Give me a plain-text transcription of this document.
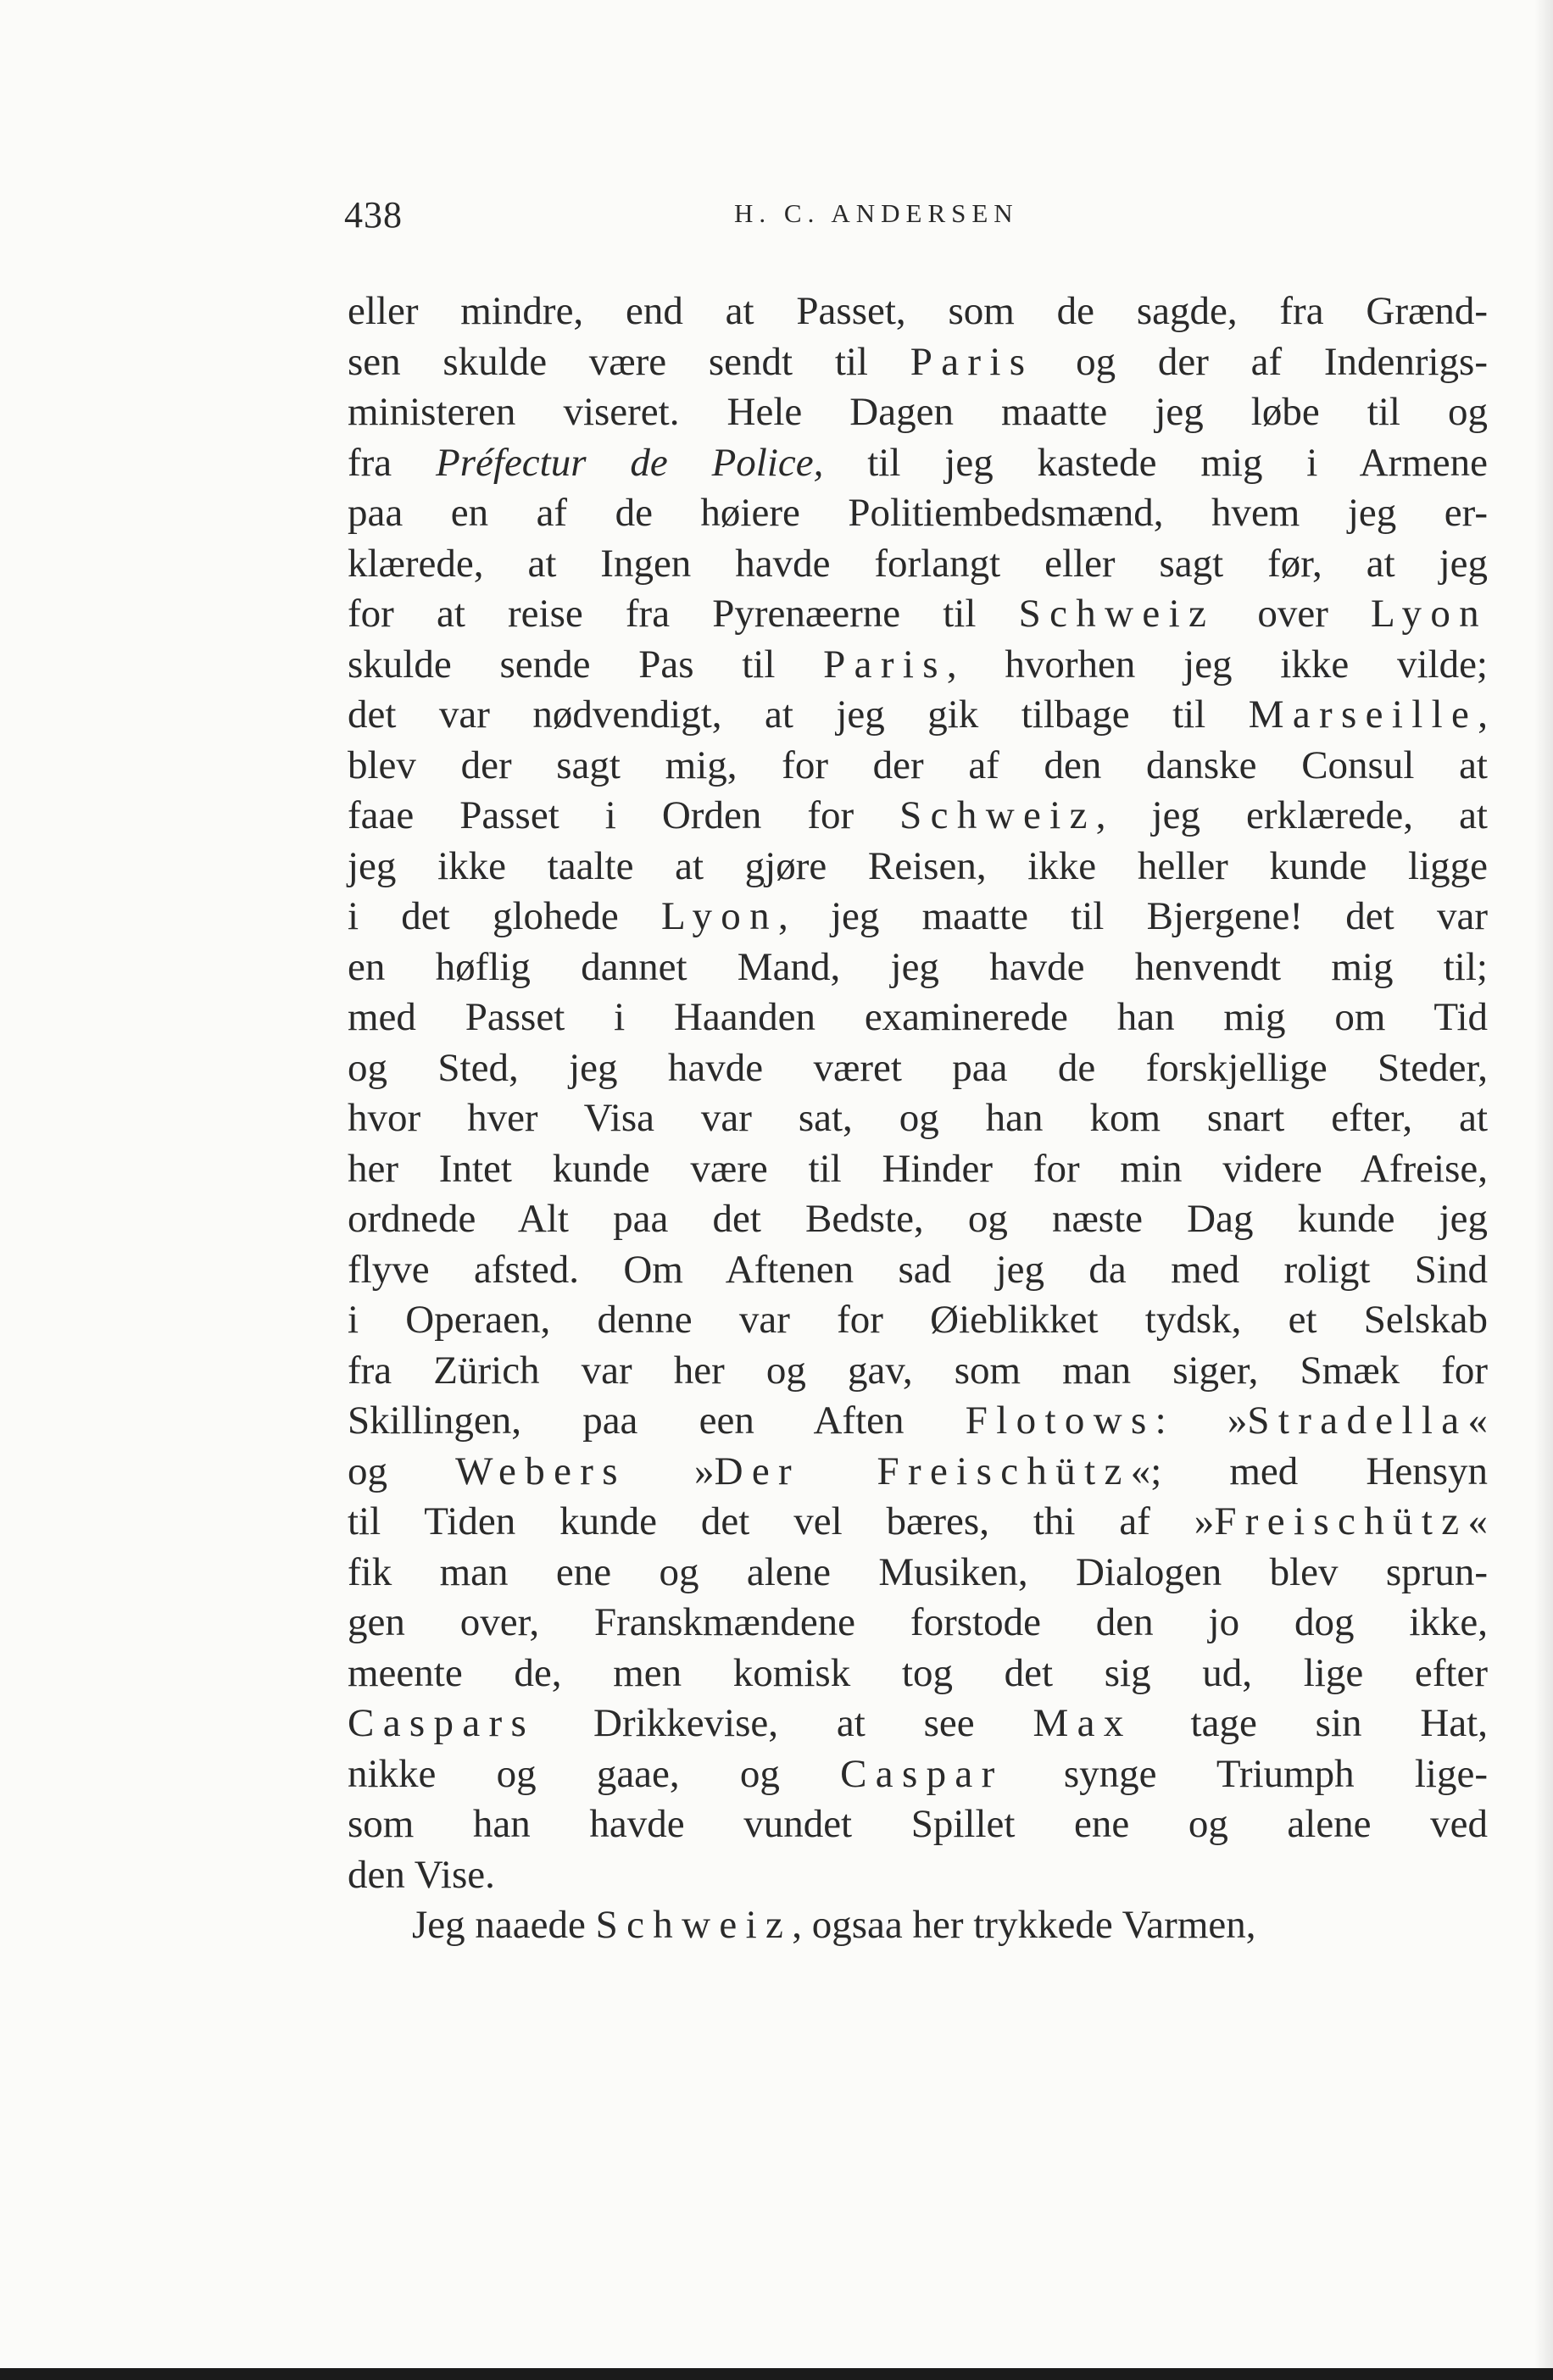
438	H. C. ANDERSEN
eller mindre, end at Passet, som de sagde, fra Grænd-
sen skulde være sendt til Paris og der af Indenrigs-
ministeren viseret. Hele Dagen maatte jeg løbe til og
fra Préfectur de Police, til jeg kastede mig i Armene
paa en af de høiere Politiembedsmænd, hvem jeg er-
klærede, at Ingen havde forlangt eller sagt før, at jeg
for at reise fra Pyrenæerne til Schweiz over Lyon
skulde sende Pas til Paris, hvorhen jeg ikke vilde;
det var nødvendigt, at jeg gik tilbage til Marseille,
blev der sagt mig, for der af den danske Consul at
faae Passet i Orden for Schweiz, jeg erklærede, at
jeg ikke taalte at gjøre Reisen, ikke heller kunde ligge
i det glohede Lyon, jeg maatte til Bjergene! det var
en høflig dannet Mand, jeg havde henvendt mig til;
med Passet i Haanden examinerede han mig om Tid
og Sted, jeg havde været paa de forskjellige Steder,
hvor hver Visa var sat, og han kom snart efter, at
her Intet kunde være til Hinder for min videre Afreise,
ordnede Alt paa det Bedste, og næste Dag kunde jeg
flyve afsted. Om Aftenen sad jeg da med roligt Sind
i Operaen, denne var for Øieblikket tydsk, et Selskab
fra Zürich var her og gav, som man siger, Smæk for
Skillingen, paa een Aften Flotows: »Stradella«
og Webers »Der Freischütz«; med Hensyn
til Tiden kunde det vel bæres, thi af »Freischütz«
fik man ene og alene Musiken, Dialogen blev sprun-
gen over, Franskmændene forstode den jo dog ikke,
meente de, men komisk tog det sig ud, lige efter
Caspars Drikkevise, at see Max tage sin Hat,
nikke og gaae, og Caspar synge Triumph lige-
som han havde vundet Spillet ene og alene ved
den Vise.
Jeg naaede Schweiz, ogsaa her trykkede Varmen,
